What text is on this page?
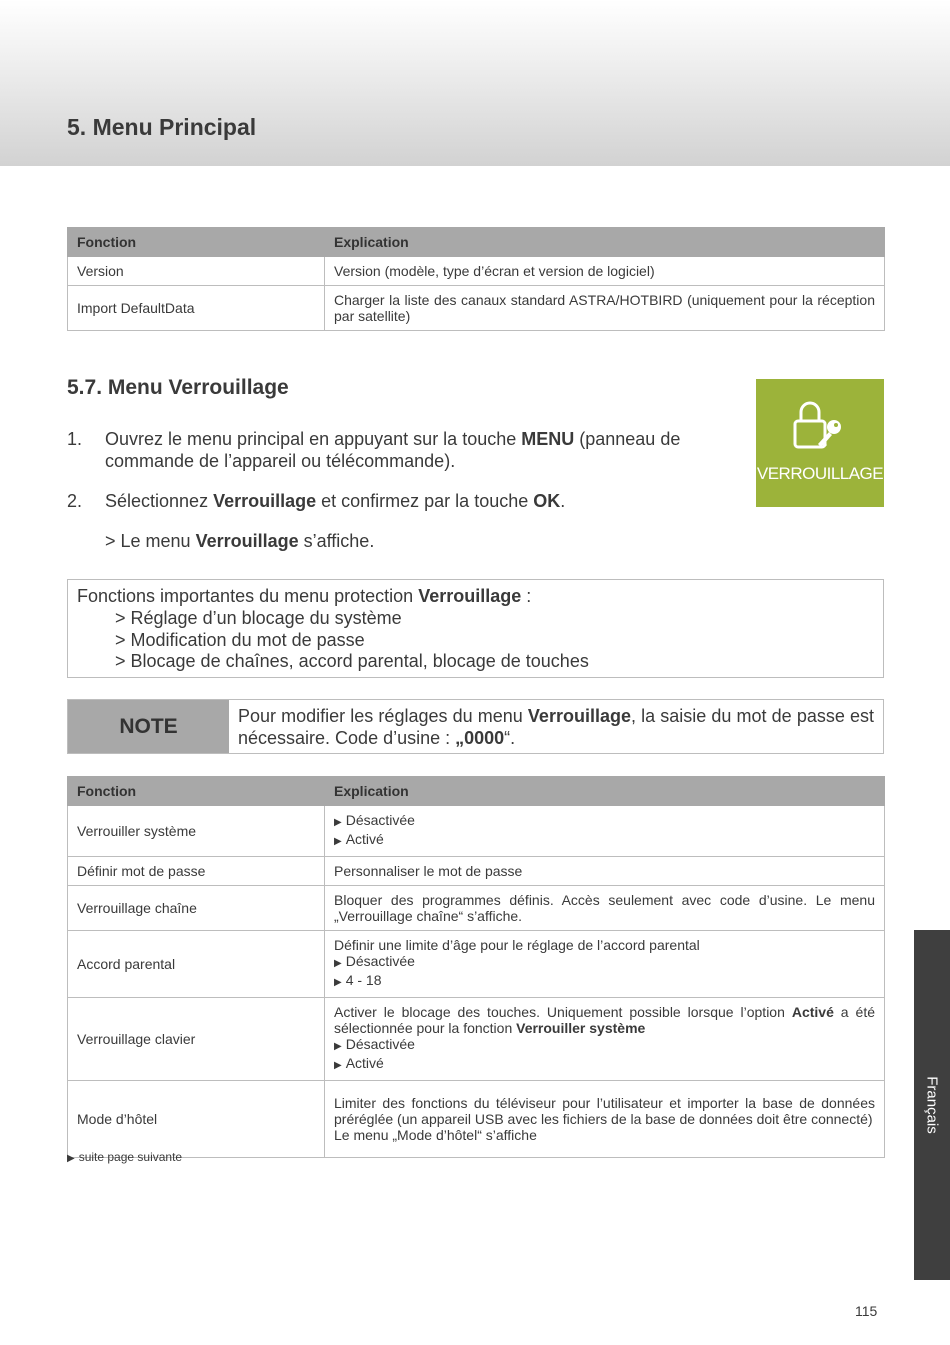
5. Menu Principal
Fonction	Explication
Version	Version (modèle, type d’écran et version de logiciel)
Import DefaultData	Charger la liste des canaux standard ASTRA/HOTBIRD (uniquement pour la réception par satellite)
5.7. Menu Verrouillage
VERROUILLAGE
1. Ouvrez le menu principal en appuyant sur la touche MENU (panneau de commande de l’appareil ou télécommande).
2. Sélectionnez Verrouillage et confirmez par la touche OK.
> Le menu Verrouillage s’affiche.
Fonctions importantes du menu protection Verrouillage :
> Réglage d’un blocage du système
> Modification du mot de passe
> Blocage de chaînes, accord parental, blocage de touches
NOTE	Pour modifier les réglages du menu Verrouillage, la saisie du mot de passe est nécessaire. Code d’usine : „0000“.
Fonction	Explication
Verrouiller système	▶ Désactivée
▶ Activé

Définir mot de passe	Personnaliser le mot de passe
Verrouillage chaîne	Bloquer des programmes définis. Accès seulement avec code d’usine. Le menu „Verrouillage chaîne“ s’affiche.
Accord parental	Définir une limite d’âge pour le réglage de l’accord parental
▶ Désactivée
▶ 4 - 18

Verrouillage clavier	Activer le blocage des touches. Uniquement possible lorsque l’option Activé a été sélectionnée pour la fonction Verrouiller système
▶ Désactivée
▶ Activé

Mode d’hôtel	Limiter des fonctions du téléviseur pour l’utilisateur et importer la base de données préréglée (un appareil USB avec les fichiers de la base de données doit être connecté)
Le menu „Mode d’hôtel“ s’affiche
▶ suite page suivante
Français
115
